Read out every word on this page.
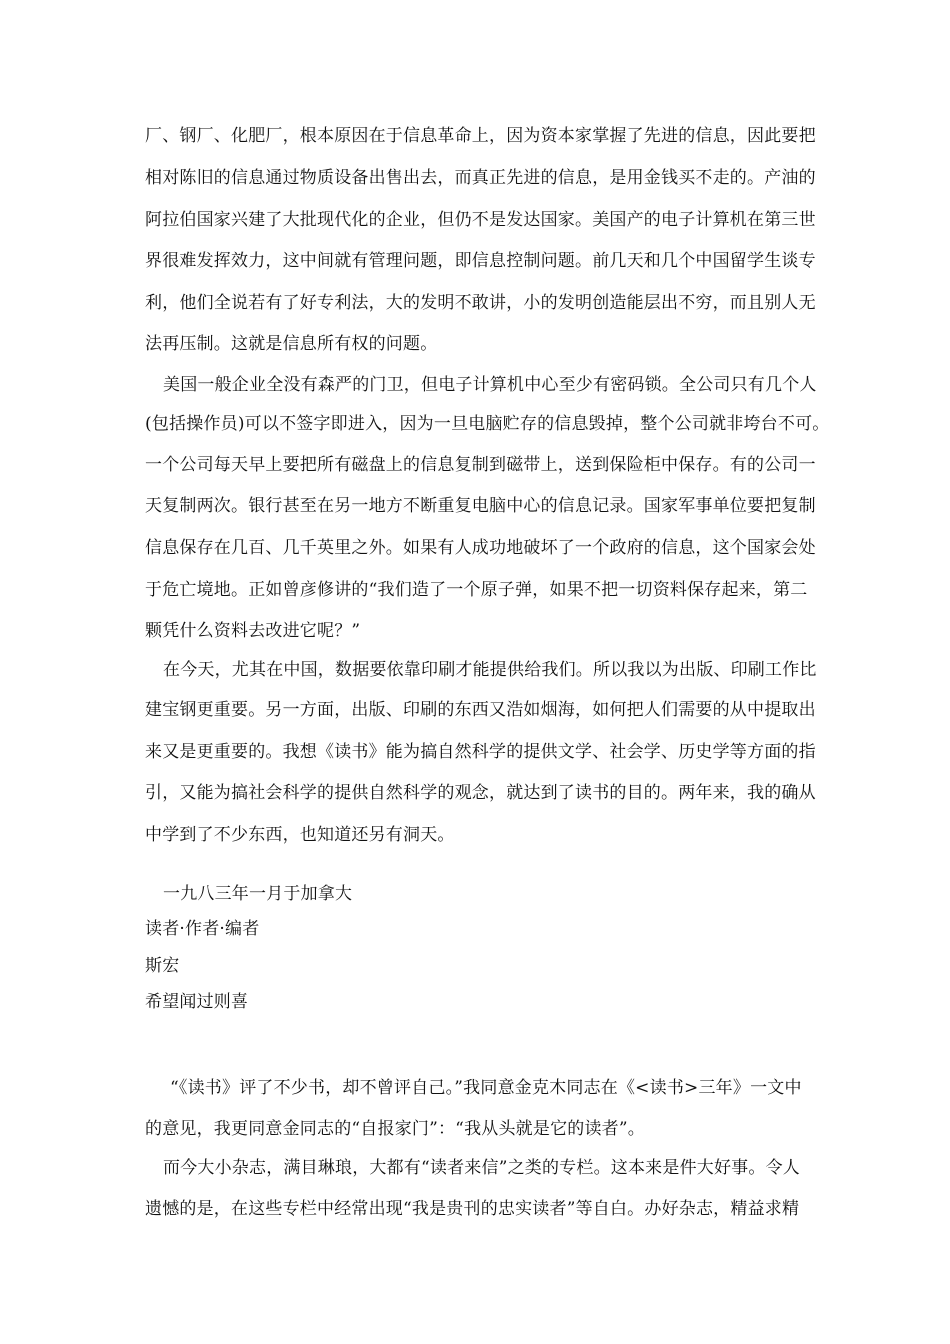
厂、钢厂、化肥厂，根本原因在于信息革命上，因为资本家掌握了先进的信息，因此要把
相对陈旧的信息通过物质设备出售出去，而真正先进的信息，是用金钱买不走的。产油的
阿拉伯国家兴建了大批现代化的企业，但仍不是发达国家。美国产的电子计算机在第三世
界很难发挥效力，这中间就有管理问题，即信息控制问题。前几天和几个中国留学生谈专
利，他们全说若有了好专利法，大的发明不敢讲，小的发明创造能层出不穷，而且别人无
法再压制。这就是信息所有权的问题。
美国一般企业全没有森严的门卫，但电子计算机中心至少有密码锁。全公司只有几个人
(包括操作员)可以不签字即进入，因为一旦电脑贮存的信息毁掉，整个公司就非垮台不可。
一个公司每天早上要把所有磁盘上的信息复制到磁带上，送到保险柜中保存。有的公司一
天复制两次。银行甚至在另一地方不断重复电脑中心的信息记录。国家军事单位要把复制
信息保存在几百、几千英里之外。如果有人成功地破坏了一个政府的信息，这个国家会处
于危亡境地。正如曾彦修讲的“我们造了一个原子弹，如果不把一切资料保存起来，第二
颗凭什么资料去改进它呢？”
在今天，尤其在中国，数据要依靠印刷才能提供给我们。所以我以为出版、印刷工作比
建宝钢更重要。另一方面，出版、印刷的东西又浩如烟海，如何把人们需要的从中提取出
来又是更重要的。我想《读书》能为搞自然科学的提供文学、社会学、历史学等方面的指
引，又能为搞社会科学的提供自然科学的观念，就达到了读书的目的。两年来，我的确从
中学到了不少东西，也知道还另有洞天。
一九八三年一月于加拿大
读者·作者·编者
斯宏
希望闻过则喜
“《读书》评了不少书，却不曾评自己。”我同意金克木同志在《<读书>三年》一文中
的意见，我更同意金同志的“自报家门”：“我从头就是它的读者”。
而今大小杂志，满目琳琅，大都有“读者来信”之类的专栏。这本来是件大好事。令人
遗憾的是，在这些专栏中经常出现“我是贵刊的忠实读者”等自白。办好杂志，精益求精
